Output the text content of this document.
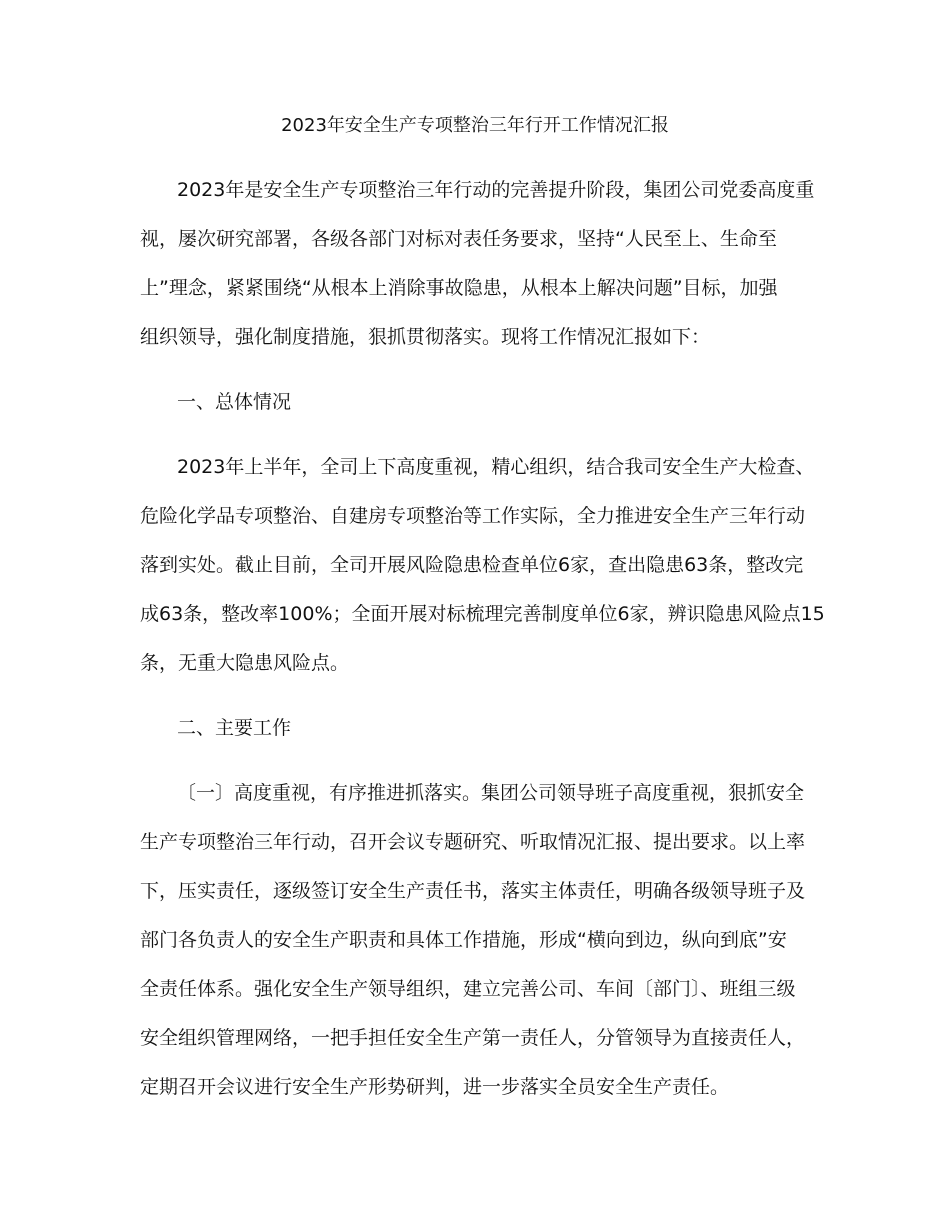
2023年安全生产专项整治三年行开工作情况汇报
2023年是安全生产专项整治三年行动的完善提升阶段，集团公司党委高度重
视，屡次研究部署，各级各部门对标对表任务要求，坚持“人民至上、生命至
上”理念，紧紧围绕“从根本上消除事故隐患，从根本上解决问题”目标，加强
组织领导，强化制度措施，狠抓贯彻落实。现将工作情况汇报如下：
一、总体情况
2023年上半年，全司上下高度重视，精心组织，结合我司安全生产大检查、
危险化学品专项整治、自建房专项整治等工作实际，全力推进安全生产三年行动
落到实处。截止目前，全司开展风险隐患检查单位6家，查出隐患63条，整改完
成63条，整改率100%；全面开展对标梳理完善制度单位6家，辨识隐患风险点15
条，无重大隐患风险点。
二、主要工作
〔一〕高度重视，有序推进抓落实。集团公司领导班子高度重视，狠抓安全
生产专项整治三年行动，召开会议专题研究、听取情况汇报、提出要求。以上率
下，压实责任，逐级签订安全生产责任书，落实主体责任，明确各级领导班子及
部门各负责人的安全生产职责和具体工作措施，形成“横向到边，纵向到底”安
全责任体系。强化安全生产领导组织，建立完善公司、车间〔部门〕、班组三级
安全组织管理网络，一把手担任安全生产第一责任人，分管领导为直接责任人，
定期召开会议进行安全生产形势研判，进一步落实全员安全生产责任。
